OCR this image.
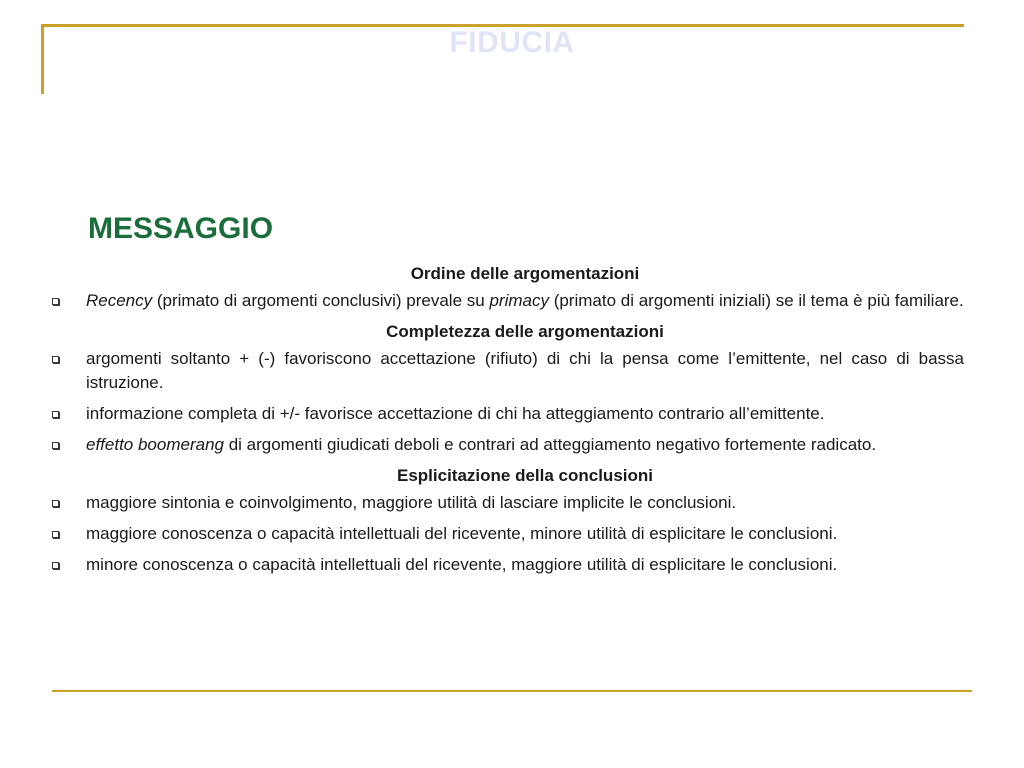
FIDUCIA
MESSAGGIO
Ordine delle argomentazioni
Recency (primato di argomenti conclusivi) prevale su primacy (primato di argomenti iniziali) se il tema è più familiare.
Completezza delle argomentazioni
argomenti soltanto + (-) favoriscono accettazione (rifiuto) di chi la pensa come l’emittente, nel caso di bassa istruzione.
informazione completa di +/- favorisce accettazione di chi ha atteggiamento contrario all’emittente.
effetto boomerang di argomenti giudicati deboli e contrari ad atteggiamento negativo fortemente radicato.
Esplicitazione della conclusioni
maggiore sintonia e coinvolgimento, maggiore utilità di lasciare implicite le conclusioni.
maggiore conoscenza o capacità intellettuali del ricevente, minore utilità di esplicitare le conclusioni.
minore conoscenza o capacità intellettuali del ricevente, maggiore utilità di esplicitare le conclusioni.
